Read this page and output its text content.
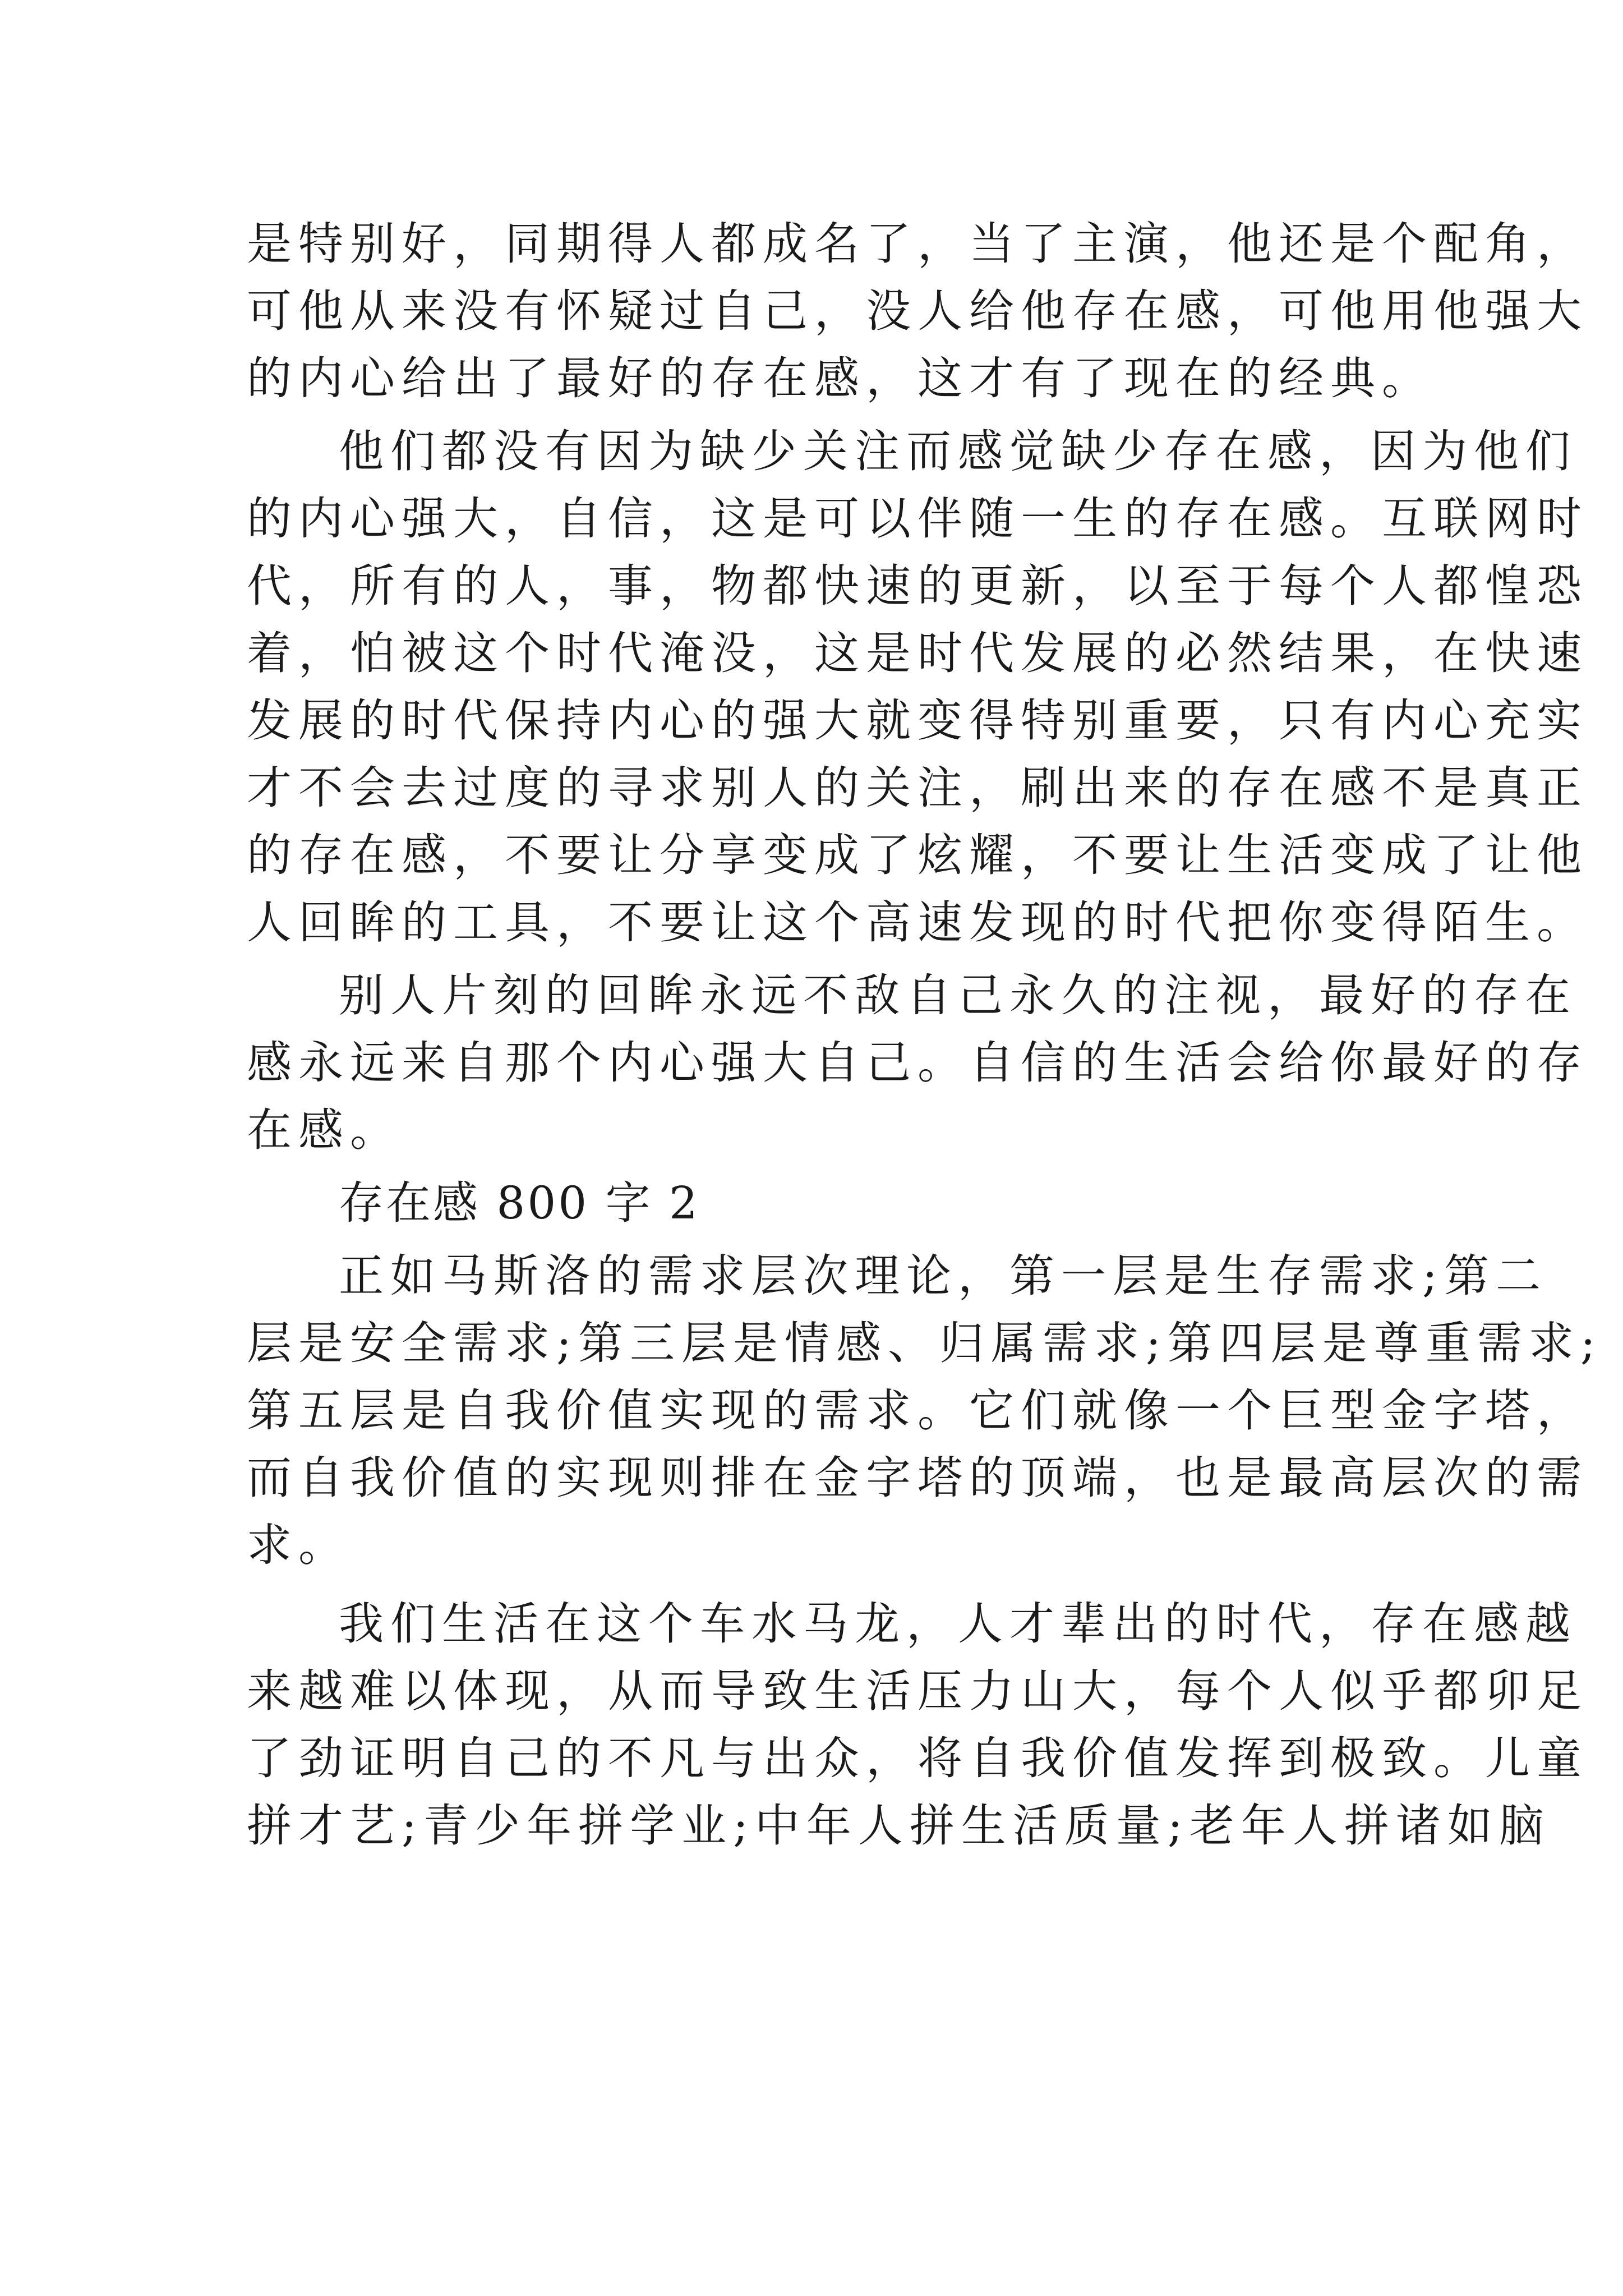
是特别好，同期得人都成名了，当了主演，他还是个配角，
可他从来没有怀疑过自己，没人给他存在感，可他用他强大
的内心给出了最好的存在感，这才有了现在的经典。
他们都没有因为缺少关注而感觉缺少存在感，因为他们
的内心强大，自信，这是可以伴随一生的存在感。互联网时
代，所有的人，事，物都快速的更新，以至于每个人都惶恐
着，怕被这个时代淹没，这是时代发展的必然结果，在快速
发展的时代保持内心的强大就变得特别重要，只有内心充实
才不会去过度的寻求别人的关注，刷出来的存在感不是真正
的存在感，不要让分享变成了炫耀，不要让生活变成了让他
人回眸的工具，不要让这个高速发现的时代把你变得陌生。
别人片刻的回眸永远不敌自己永久的注视，最好的存在
感永远来自那个内心强大自己。自信的生活会给你最好的存
在感。
存在感 800 字 2
正如马斯洛的需求层次理论，第一层是生存需求;第二
层是安全需求;第三层是情感、归属需求;第四层是尊重需求;
第五层是自我价值实现的需求。它们就像一个巨型金字塔，
而自我价值的实现则排在金字塔的顶端，也是最高层次的需
求。
我们生活在这个车水马龙，人才辈出的时代，存在感越
来越难以体现，从而导致生活压力山大，每个人似乎都卯足
了劲证明自己的不凡与出众，将自我价值发挥到极致。儿童
拼才艺;青少年拼学业;中年人拼生活质量;老年人拼诸如脑
